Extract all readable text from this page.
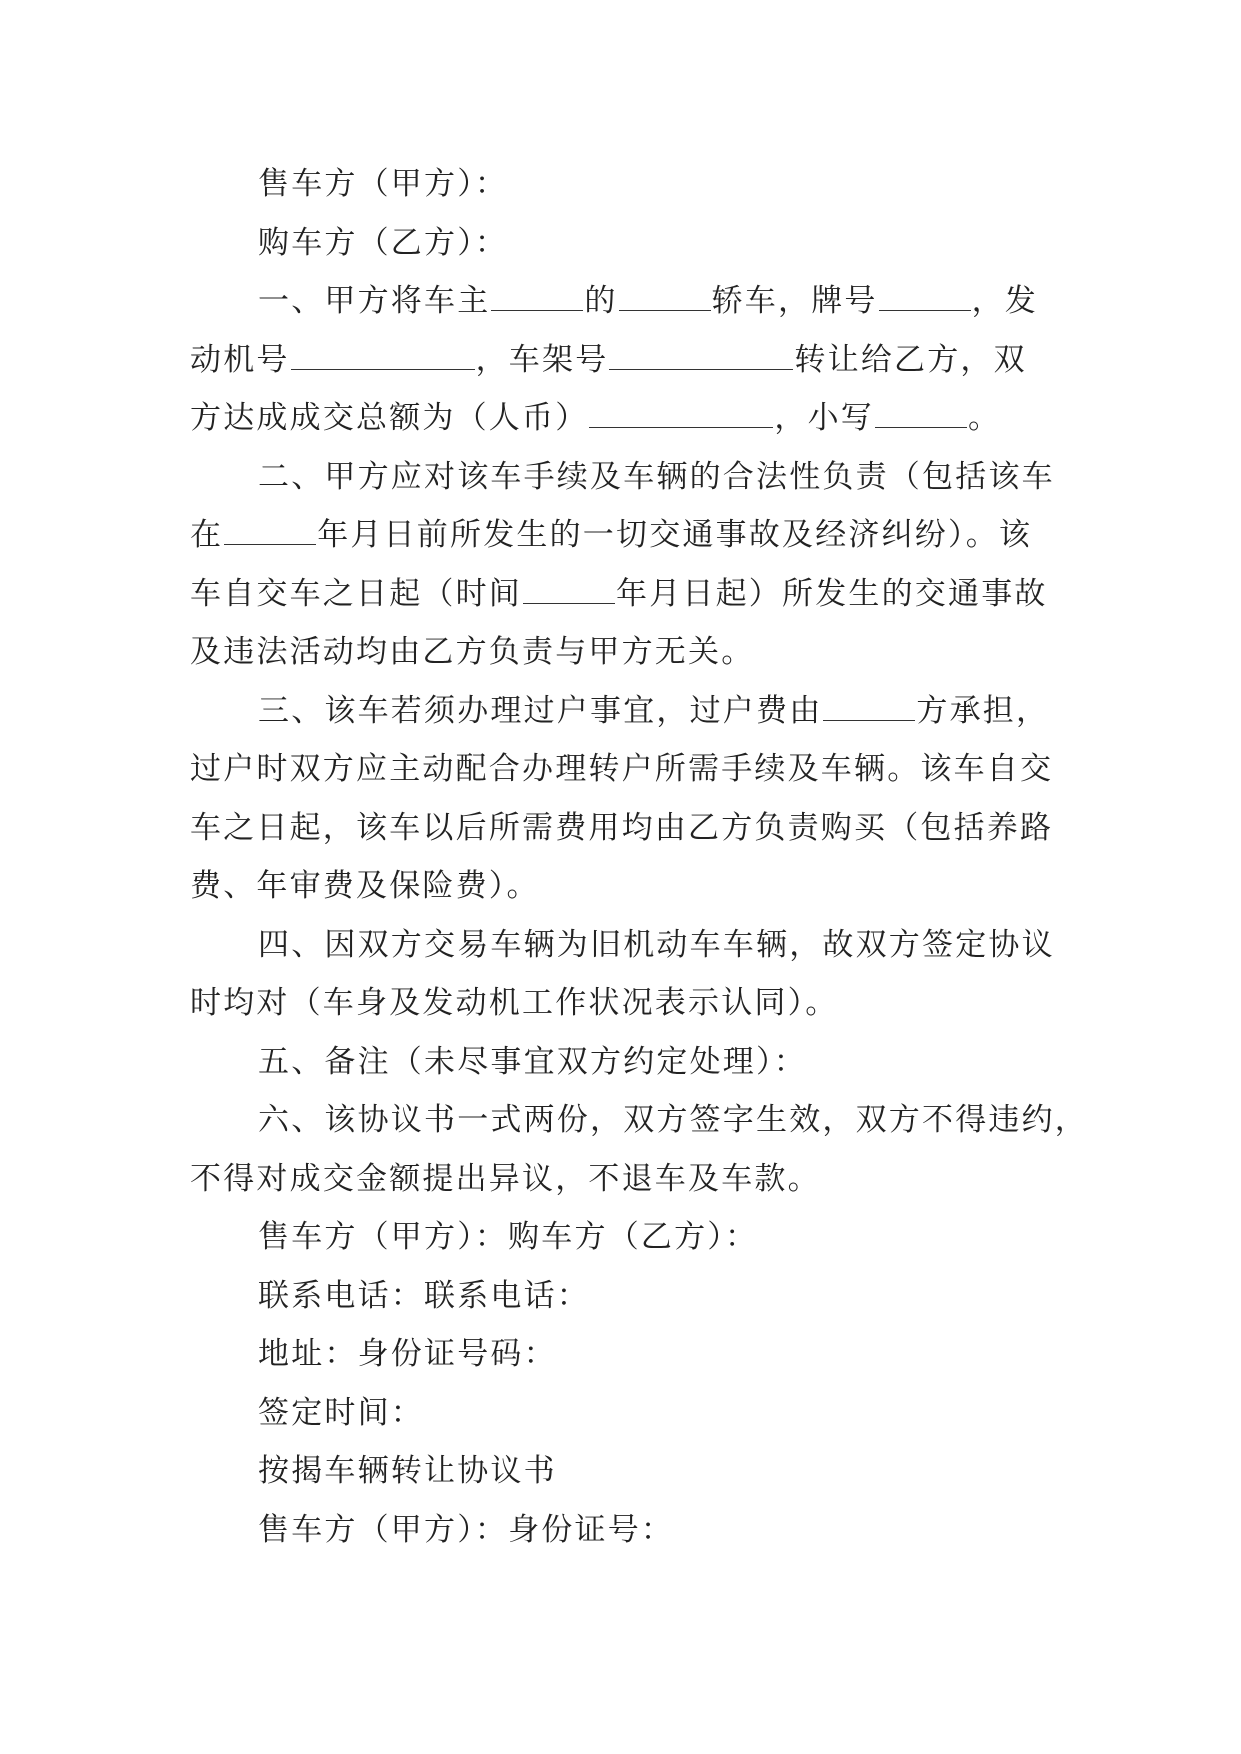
售车方（甲方）：

购车方（乙方）：

一、甲方将车主	的	轿车，牌号	，发

动机号	，车架号	转让给乙方，双

方达成成交总额为（人币）	，小写	。

二、甲方应对该车手续及车辆的合法性负责（包括该车

在	年月日前所发生的一切交通事故及经济纠纷）。该

车自交车之日起（时间	年月日起）所发生的交通事故

及违法活动均由乙方负责与甲方无关。

三、该车若须办理过户事宜，过户费由	方承担，

过户时双方应主动配合办理转户所需手续及车辆。该车自交

车之日起，该车以后所需费用均由乙方负责购买（包括养路

费、年审费及保险费）。

四、因双方交易车辆为旧机动车车辆，故双方签定协议

时均对（车身及发动机工作状况表示认同）。

五、备注（未尽事宜双方约定处理）：

六、该协议书一式两份，双方签字生效，双方不得违约，

不得对成交金额提出异议，不退车及车款。

售车方（甲方）：购车方（乙方）：

联系电话：联系电话：

地址：身份证号码：

签定时间：

按揭车辆转让协议书

售车方（甲方）：身份证号：
